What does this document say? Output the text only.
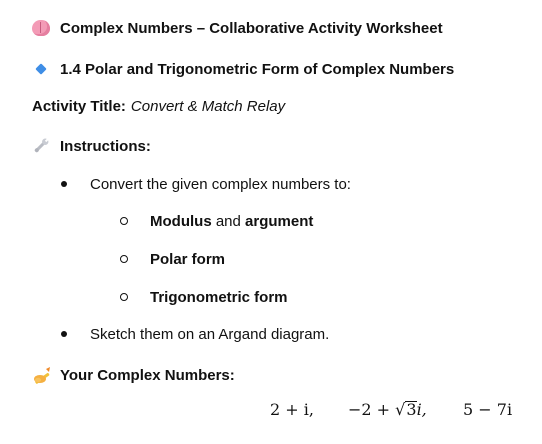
Complex Numbers – Collaborative Activity Worksheet
1.4 Polar and Trigonometric Form of Complex Numbers
Activity Title: Convert & Match Relay
Instructions:
Convert the given complex numbers to:
Modulus and argument
Polar form
Trigonometric form
Sketch them on an Argand diagram.
Your Complex Numbers:
2 + i, −2 + √3i, 5 − 7i
